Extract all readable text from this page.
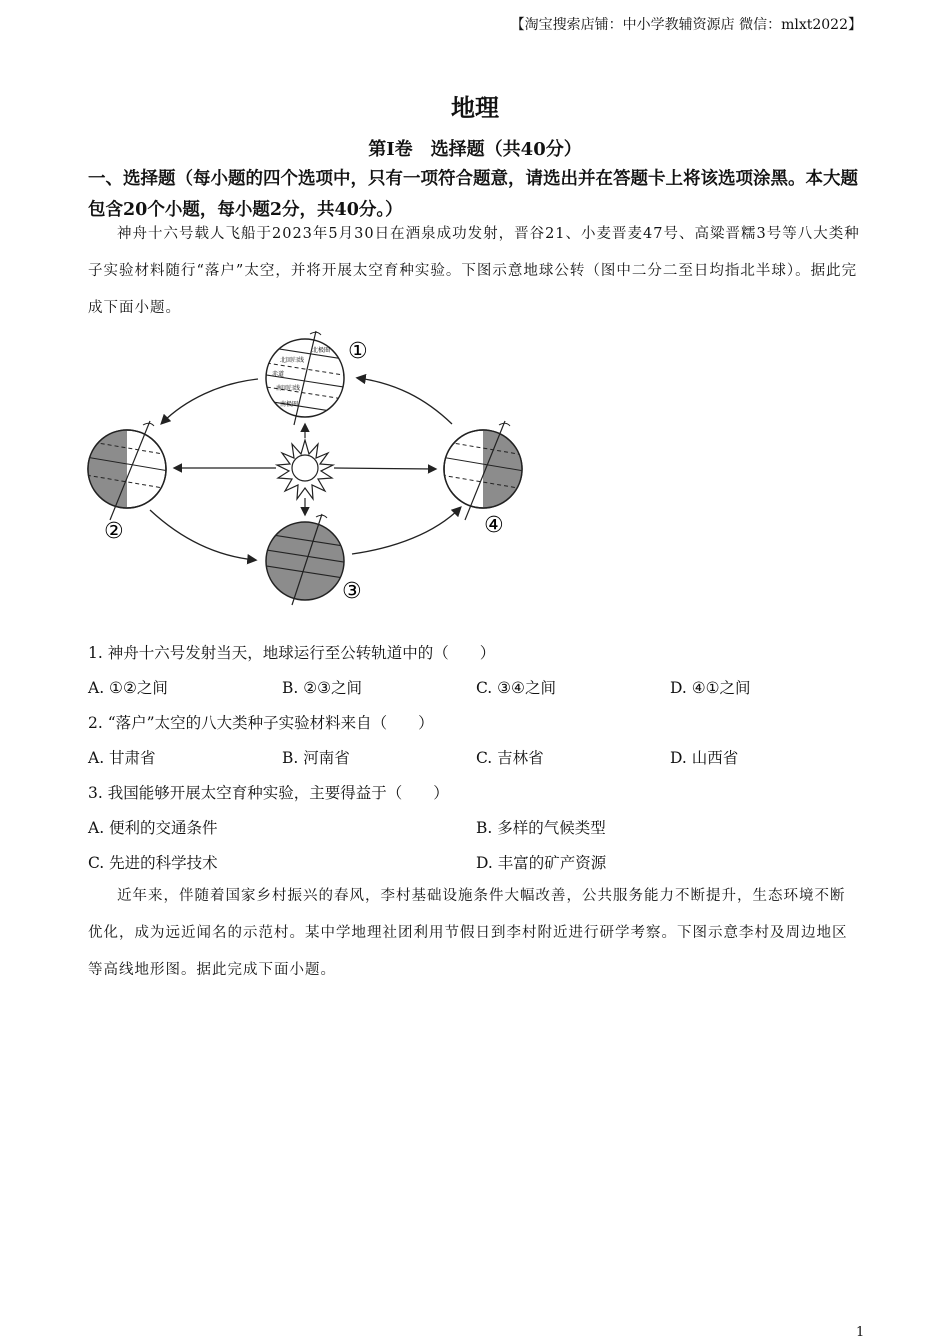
【淘宝搜索店铺：中小学教辅资源店 微信：mlxt2022】
地理
第Ⅰ卷　选择题（共40分）
一、选择题（每小题的四个选项中，只有一项符合题意，请选出并在答题卡上将该选项涂黑。本大题包含20个小题，每小题2分，共40分。）
神舟十六号载人飞船于2023年5月30日在酒泉成功发射，晋谷21、小麦晋麦47号、高粱晋糯3号等八大类种子实验材料随行“落户”太空，并将开展太空育种实验。下图示意地球公转（图中二分二至日均指北半球）。据此完成下面小题。
北极圈
北回归线
赤道
南回归线
南极圈
①
②
③
④
1. 神舟十六号发射当天，地球运行至公转轨道中的（　　）
A. ①②之间	B. ②③之间	C. ③④之间	D. ④①之间
2. “落户”太空的八大类种子实验材料来自（　　）
A. 甘肃省	B. 河南省	C. 吉林省	D. 山西省
3. 我国能够开展太空育种实验，主要得益于（　　）
A. 便利的交通条件	B. 多样的气候类型
C. 先进的科学技术	D. 丰富的矿产资源
近年来，伴随着国家乡村振兴的春风，李村基础设施条件大幅改善，公共服务能力不断提升，生态环境不断优化，成为远近闻名的示范村。某中学地理社团利用节假日到李村附近进行研学考察。下图示意李村及周边地区等高线地形图。据此完成下面小题。
1
